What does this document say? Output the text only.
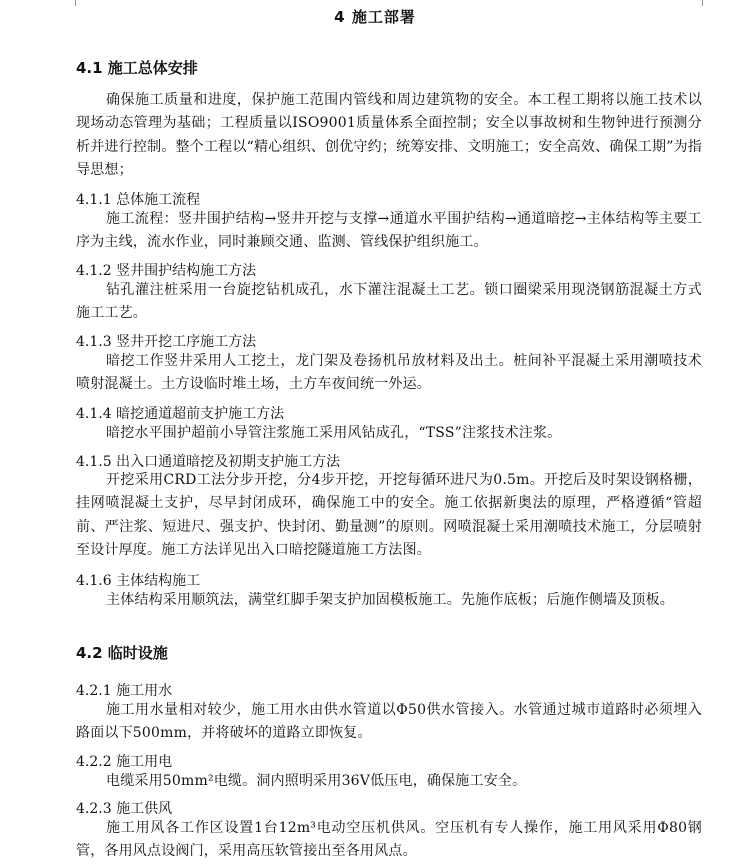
4 施工部署
4.1 施工总体安排
确保施工质量和进度，保护施工范围内管线和周边建筑物的安全。本工程工期将以施工技术以现场动态管理为基础；工程质量以ISO9001质量体系全面控制；安全以事故树和生物钟进行预测分析并进行控制。整个工程以“精心组织、创优守约；统筹安排、文明施工；安全高效、确保工期”为指导思想；
4.1.1 总体施工流程
施工流程：竖井围护结构→竖井开挖与支撑→通道水平围护结构→通道暗挖→主体结构等主要工序为主线，流水作业，同时兼顾交通、监测、管线保护组织施工。
4.1.2 竖井围护结构施工方法
钻孔灌注桩采用一台旋挖钻机成孔，水下灌注混凝土工艺。锁口圈梁采用现浇钢筋混凝土方式施工工艺。
4.1.3 竖井开挖工序施工方法
暗挖工作竖井采用人工挖土，龙门架及卷扬机吊放材料及出土。桩间补平混凝土采用潮喷技术喷射混凝土。土方设临时堆土场，土方车夜间统一外运。
4.1.4 暗挖通道超前支护施工方法
暗挖水平围护超前小导管注浆施工采用风钻成孔，“TSS”注浆技术注浆。
4.1.5 出入口通道暗挖及初期支护施工方法
开挖采用CRD工法分步开挖，分4步开挖，开挖每循环进尺为0.5m。开挖后及时架设钢格栅，挂网喷混凝土支护，尽早封闭成环，确保施工中的安全。施工依据新奥法的原理，严格遵循“管超前、严注浆、短进尺、强支护、快封闭、勤量测”的原则。网喷混凝土采用潮喷技术施工，分层喷射至设计厚度。施工方法详见出入口暗挖隧道施工方法图。
4.1.6 主体结构施工
主体结构采用顺筑法，满堂红脚手架支护加固模板施工。先施作底板；后施作侧墙及顶板。
4.2 临时设施
4.2.1 施工用水
施工用水量相对较少，施工用水由供水管道以Φ50供水管接入。水管通过城市道路时必须埋入路面以下500mm，并将破坏的道路立即恢复。
4.2.2 施工用电
电缆采用50mm²电缆。洞内照明采用36V低压电，确保施工安全。
4.2.3 施工供风
施工用风各工作区设置1台12m³电动空压机供风。空压机有专人操作，施工用风采用Φ80钢管，各用风点设阀门，采用高压软管接出至各用风点。
